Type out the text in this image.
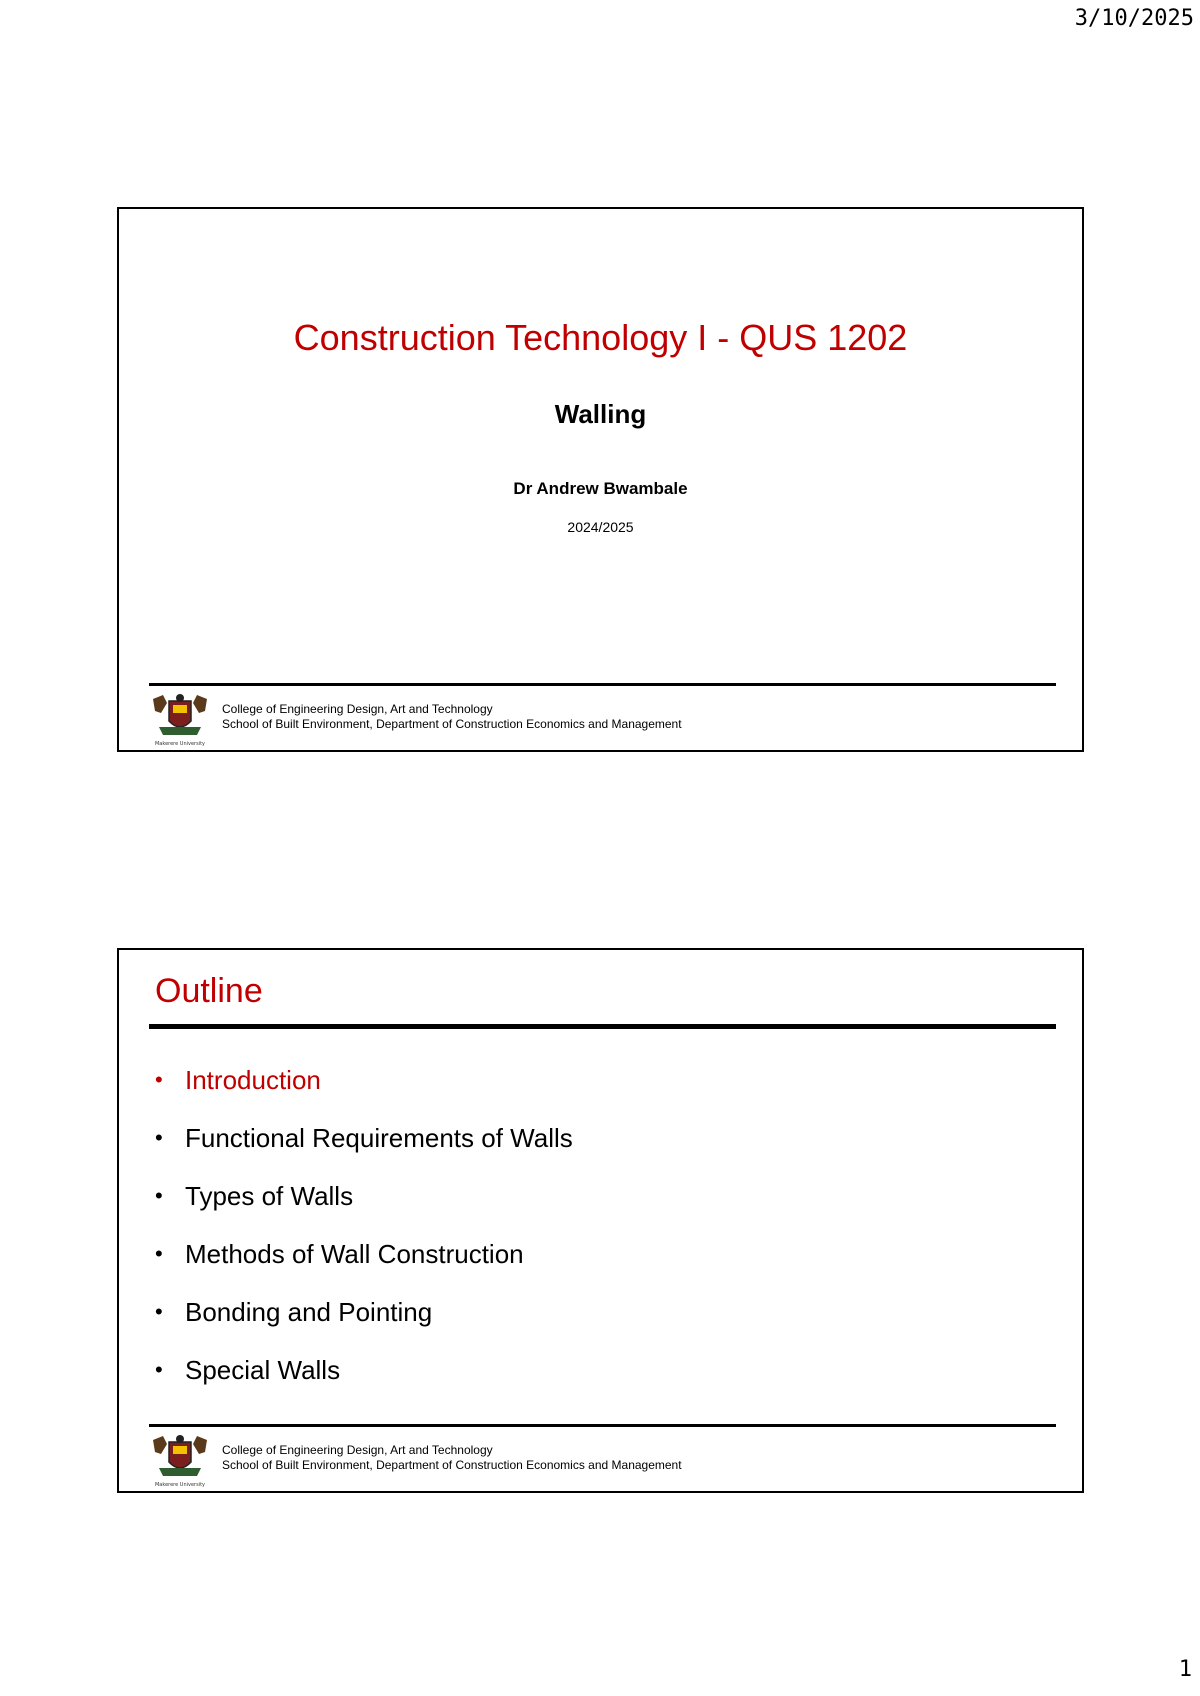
3/10/2025
Construction Technology I - QUS 1202
Walling
Dr Andrew Bwambale
2024/2025
Makerere University
College of Engineering Design, Art and Technology
School of Built Environment, Department of Construction Economics and Management
Outline
• Introduction
• Functional Requirements of Walls
• Types of Walls
• Methods of Wall Construction
• Bonding and Pointing
• Special Walls
Makerere University
College of Engineering Design, Art and Technology
School of Built Environment, Department of Construction Economics and Management
1
